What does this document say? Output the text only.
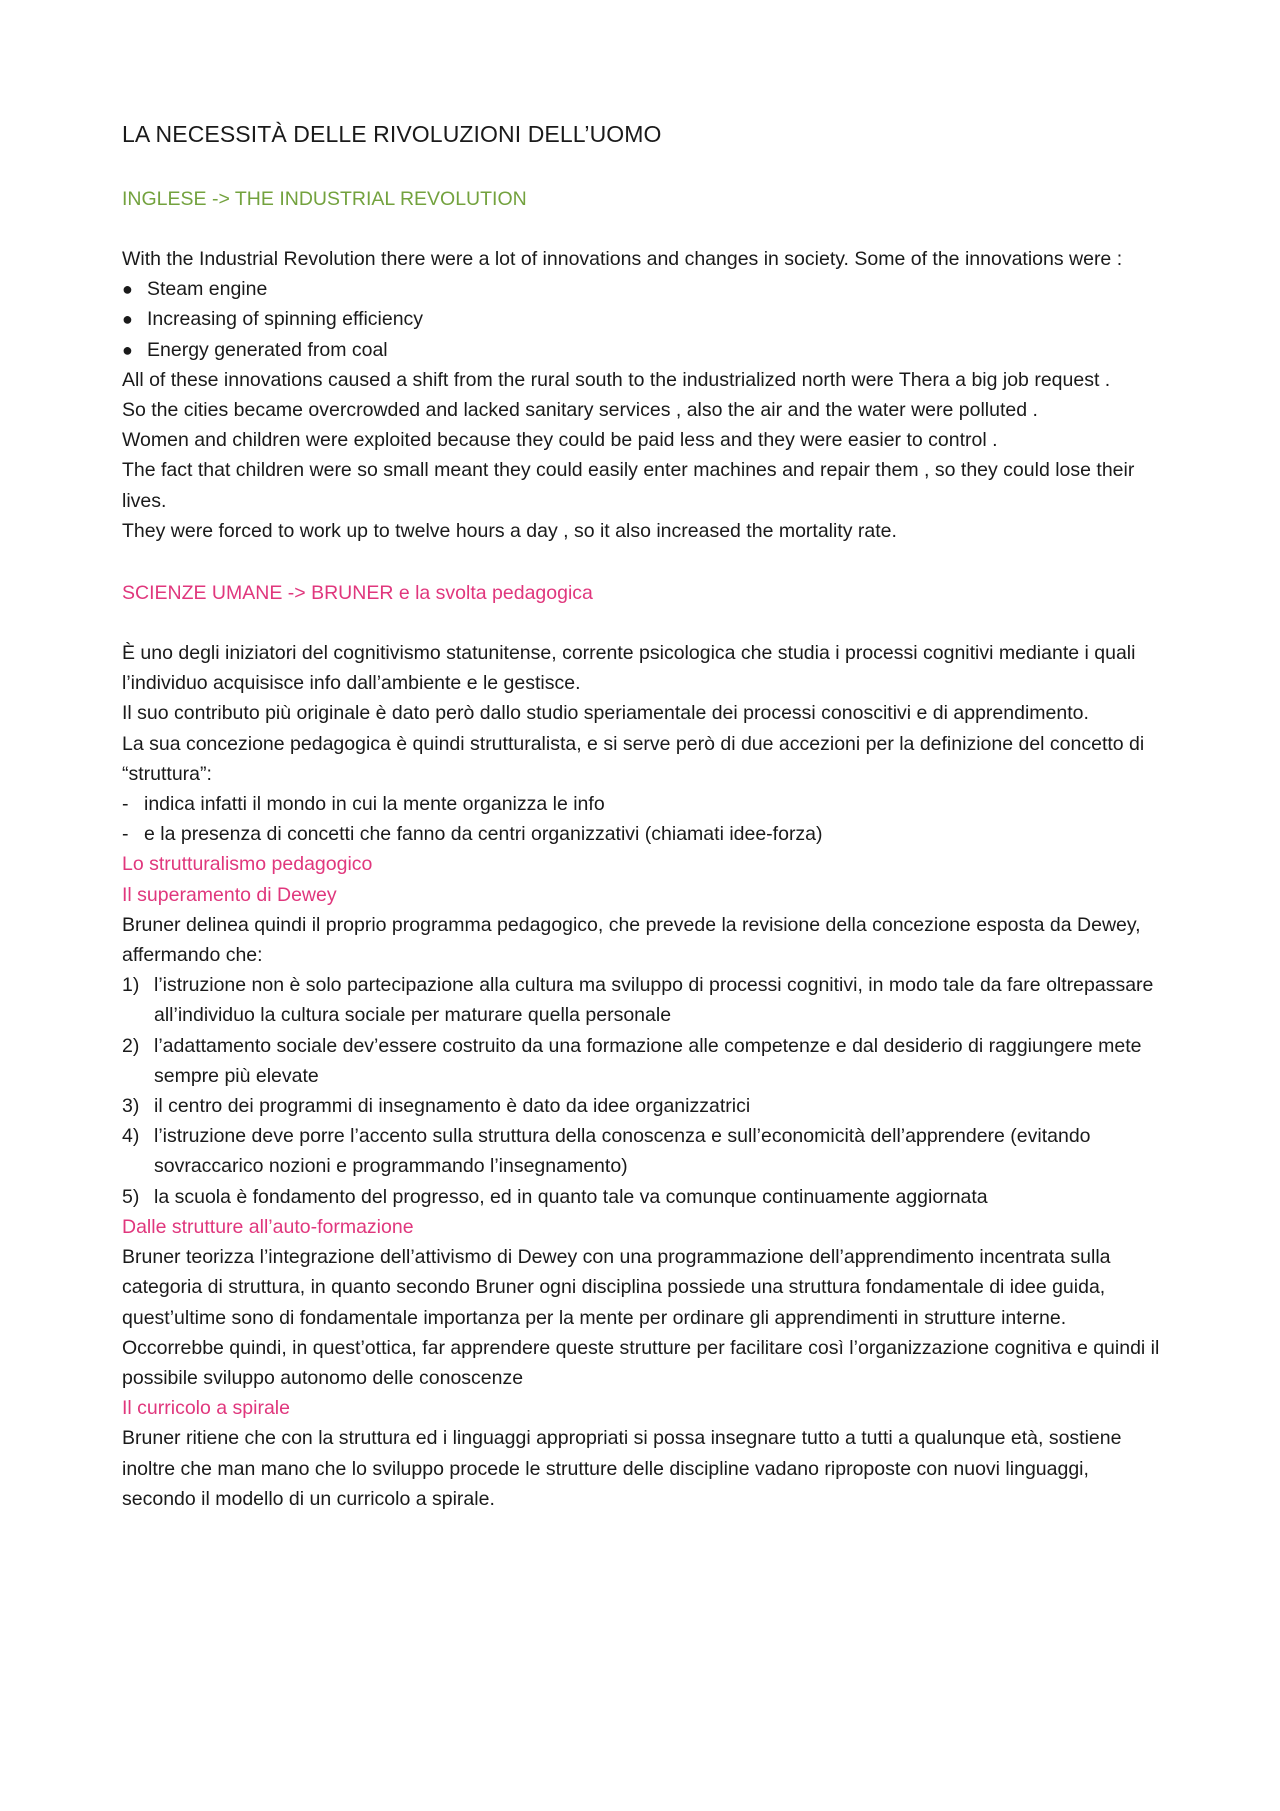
LA NECESSITÀ DELLE RIVOLUZIONI DELL’UOMO
INGLESE -> THE INDUSTRIAL REVOLUTION

With the Industrial Revolution there were a lot of innovations and changes in society. Some of the innovations were :

● Steam engine
● Increasing of spinning efficiency
● Energy generated from coal

All of these innovations caused a shift from the rural south to the industrialized north were Thera a big job request .

So the cities became overcrowded and lacked sanitary services , also the air and the water were polluted .

Women and children were exploited because they could be paid less and they were easier to control .

The fact that children were so small meant they could easily enter machines and repair them , so they could lose their lives.

They were forced to work up to twelve hours a day , so it also increased the mortality rate.

SCIENZE UMANE -> BRUNER e la svolta pedagogica

È uno degli iniziatori del cognitivismo statunitense, corrente psicologica che studia i processi cognitivi mediante i quali l’individuo acquisisce info dall’ambiente e le gestisce.

Il suo contributo più originale è dato però dallo studio speriamentale dei processi conoscitivi e di apprendimento.

La sua concezione pedagogica è quindi strutturalista, e si serve però di due accezioni per la definizione del concetto di “struttura”:

- indica infatti il mondo in cui la mente organizza le info
- e la presenza di concetti che fanno da centri organizzativi (chiamati idee-forza)

Lo strutturalismo pedagogico

Il superamento di Dewey

Bruner delinea quindi il proprio programma pedagogico, che prevede la revisione della concezione esposta da Dewey, affermando che:

1) l’istruzione non è solo partecipazione alla cultura ma sviluppo di processi cognitivi, in modo tale da fare oltrepassare all’individuo la cultura sociale per maturare quella personale
2) l’adattamento sociale dev’essere costruito da una formazione alle competenze e dal desiderio di raggiungere mete sempre più elevate
3) il centro dei programmi di insegnamento è dato da idee organizzatrici
4) l’istruzione deve porre l’accento sulla struttura della conoscenza e sull’economicità dell’apprendere (evitando sovraccarico nozioni e programmando l’insegnamento)
5) la scuola è fondamento del progresso, ed in quanto tale va comunque continuamente aggiornata

Dalle strutture all’auto-formazione

Bruner teorizza l’integrazione dell’attivismo di Dewey con una programmazione dell’apprendimento incentrata sulla categoria di struttura, in quanto secondo Bruner ogni disciplina possiede una struttura fondamentale di idee guida, quest’ultime sono di fondamentale importanza per la mente per ordinare gli apprendimenti in strutture interne.

Occorrebbe quindi, in quest’ottica, far apprendere queste strutture per facilitare così l’organizzazione cognitiva e quindi il possibile sviluppo autonomo delle conoscenze

Il curricolo a spirale

Bruner ritiene che con la struttura ed i linguaggi appropriati si possa insegnare tutto a tutti a qualunque età, sostiene inoltre che man mano che lo sviluppo procede le strutture delle discipline vadano riproposte con nuovi linguaggi, secondo il modello di un curricolo a spirale.
